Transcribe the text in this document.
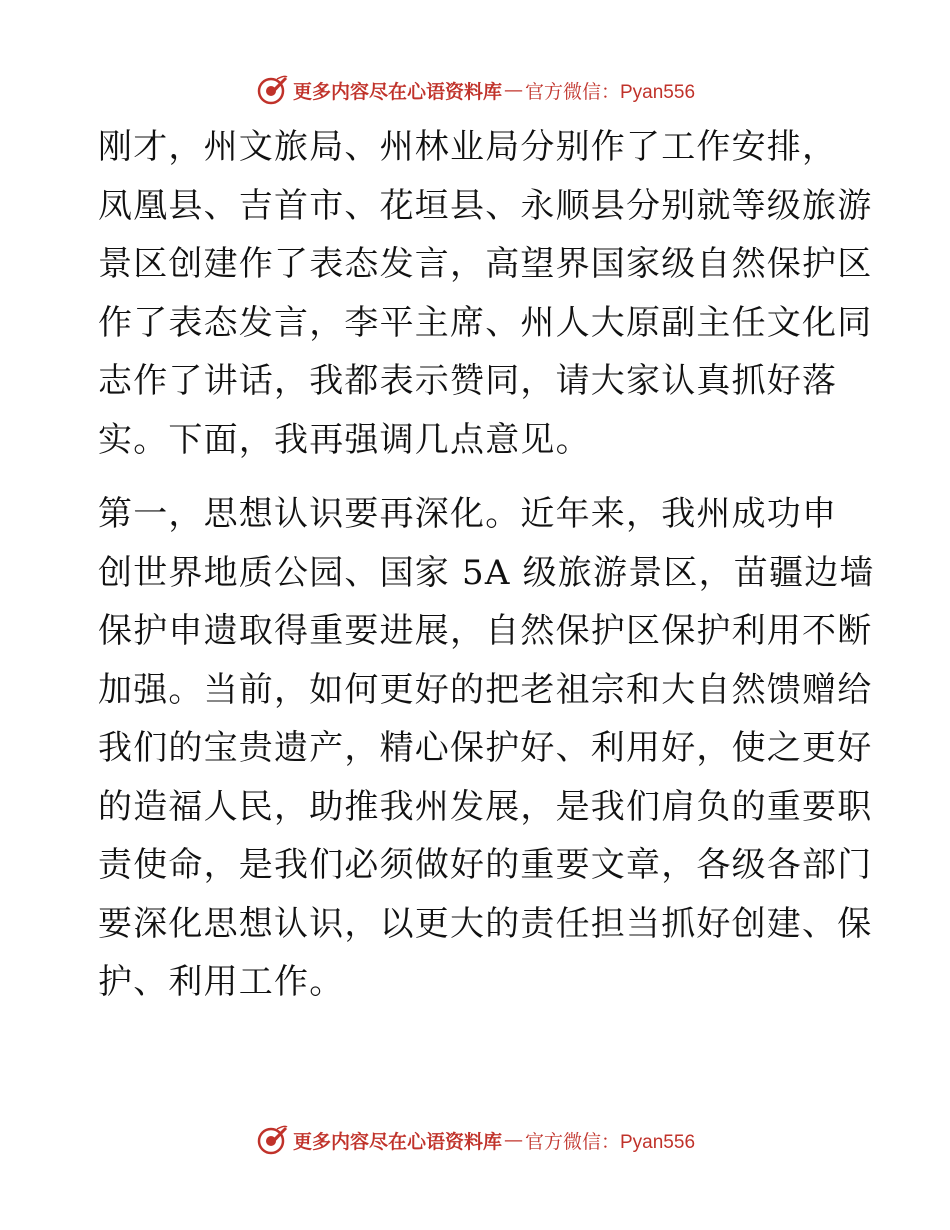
更多内容尽在心语资料库 — 官方微信：Pyan556
刚才，州文旅局、州林业局分别作了工作安排，
凤凰县、吉首市、花垣县、永顺县分别就等级旅游
景区创建作了表态发言，高望界国家级自然保护区
作了表态发言，李平主席、州人大原副主任文化同
志作了讲话，我都表示赞同，请大家认真抓好落
实。下面，我再强调几点意见。
第一，思想认识要再深化。近年来，我州成功申
创世界地质公园、国家 5A 级旅游景区，苗疆边墙
保护申遗取得重要进展，自然保护区保护利用不断
加强。当前，如何更好的把老祖宗和大自然馈赠给
我们的宝贵遗产，精心保护好、利用好，使之更好
的造福人民，助推我州发展，是我们肩负的重要职
责使命，是我们必须做好的重要文章，各级各部门
要深化思想认识，以更大的责任担当抓好创建、保
护、利用工作。
更多内容尽在心语资料库 — 官方微信：Pyan556
